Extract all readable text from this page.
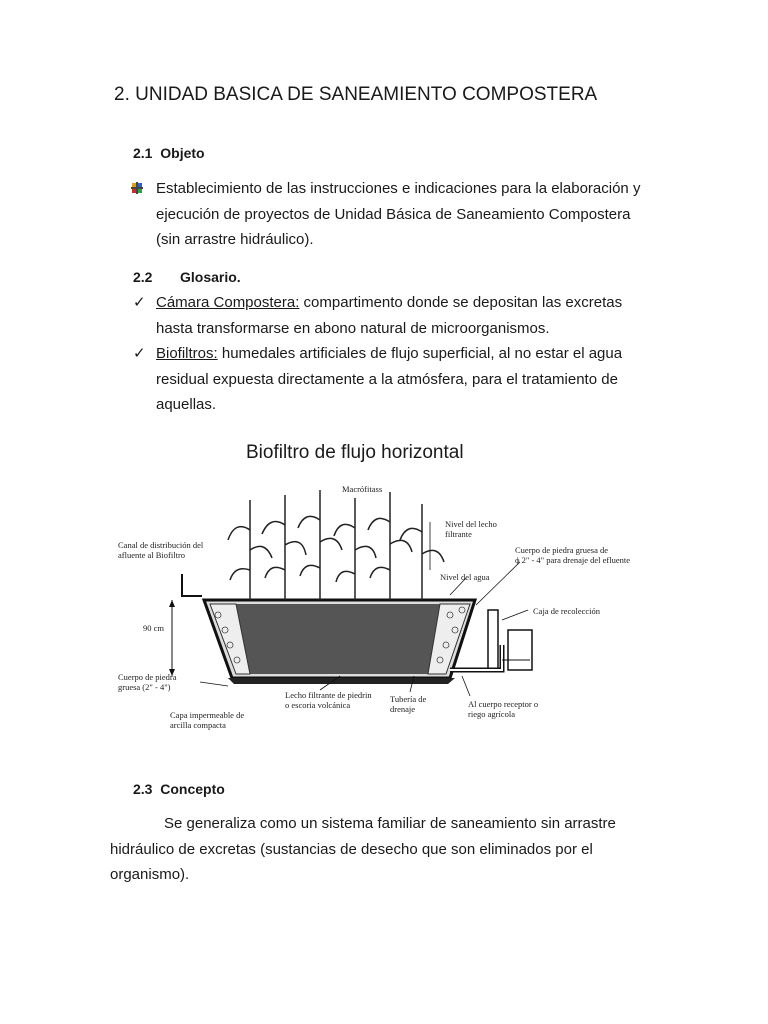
2. UNIDAD BASICA DE SANEAMIENTO COMPOSTERA
2.1 Objeto
Establecimiento de las instrucciones e indicaciones para la elaboración y
ejecución de proyectos de Unidad Básica de Saneamiento Compostera
(sin arrastre hidráulico).
2.2 Glosario.
✓ Cámara Compostera: compartimento donde se depositan las excretas
hasta transformarse en abono natural de microorganismos.
✓ Biofiltros: humedales artificiales de flujo superficial, al no estar el agua
residual expuesta directamente a la atmósfera, para el tratamiento de
aquellas.
Biofiltro de flujo horizontal
Macrófitass
Canal de distribución del
afluente al Biofiltro
Nivel del lecho
filtrante
Cuerpo de piedra gruesa de
ϕ 2" - 4" para drenaje del efluente
Nivel del agua
Caja de recolección
90 cm
Cuerpo de piedra
gruesa (2" - 4")
Lecho filtrante de piedrin
o escoria volcánica
Tubería de
drenaje	Al cuerpo receptor o
riego agrícola
Capa impermeable de
arcilla compacta
2.3 Concepto
Se generaliza como un sistema familiar de saneamiento sin arrastre
hidráulico de excretas (sustancias de desecho que son eliminados por el
organismo).
